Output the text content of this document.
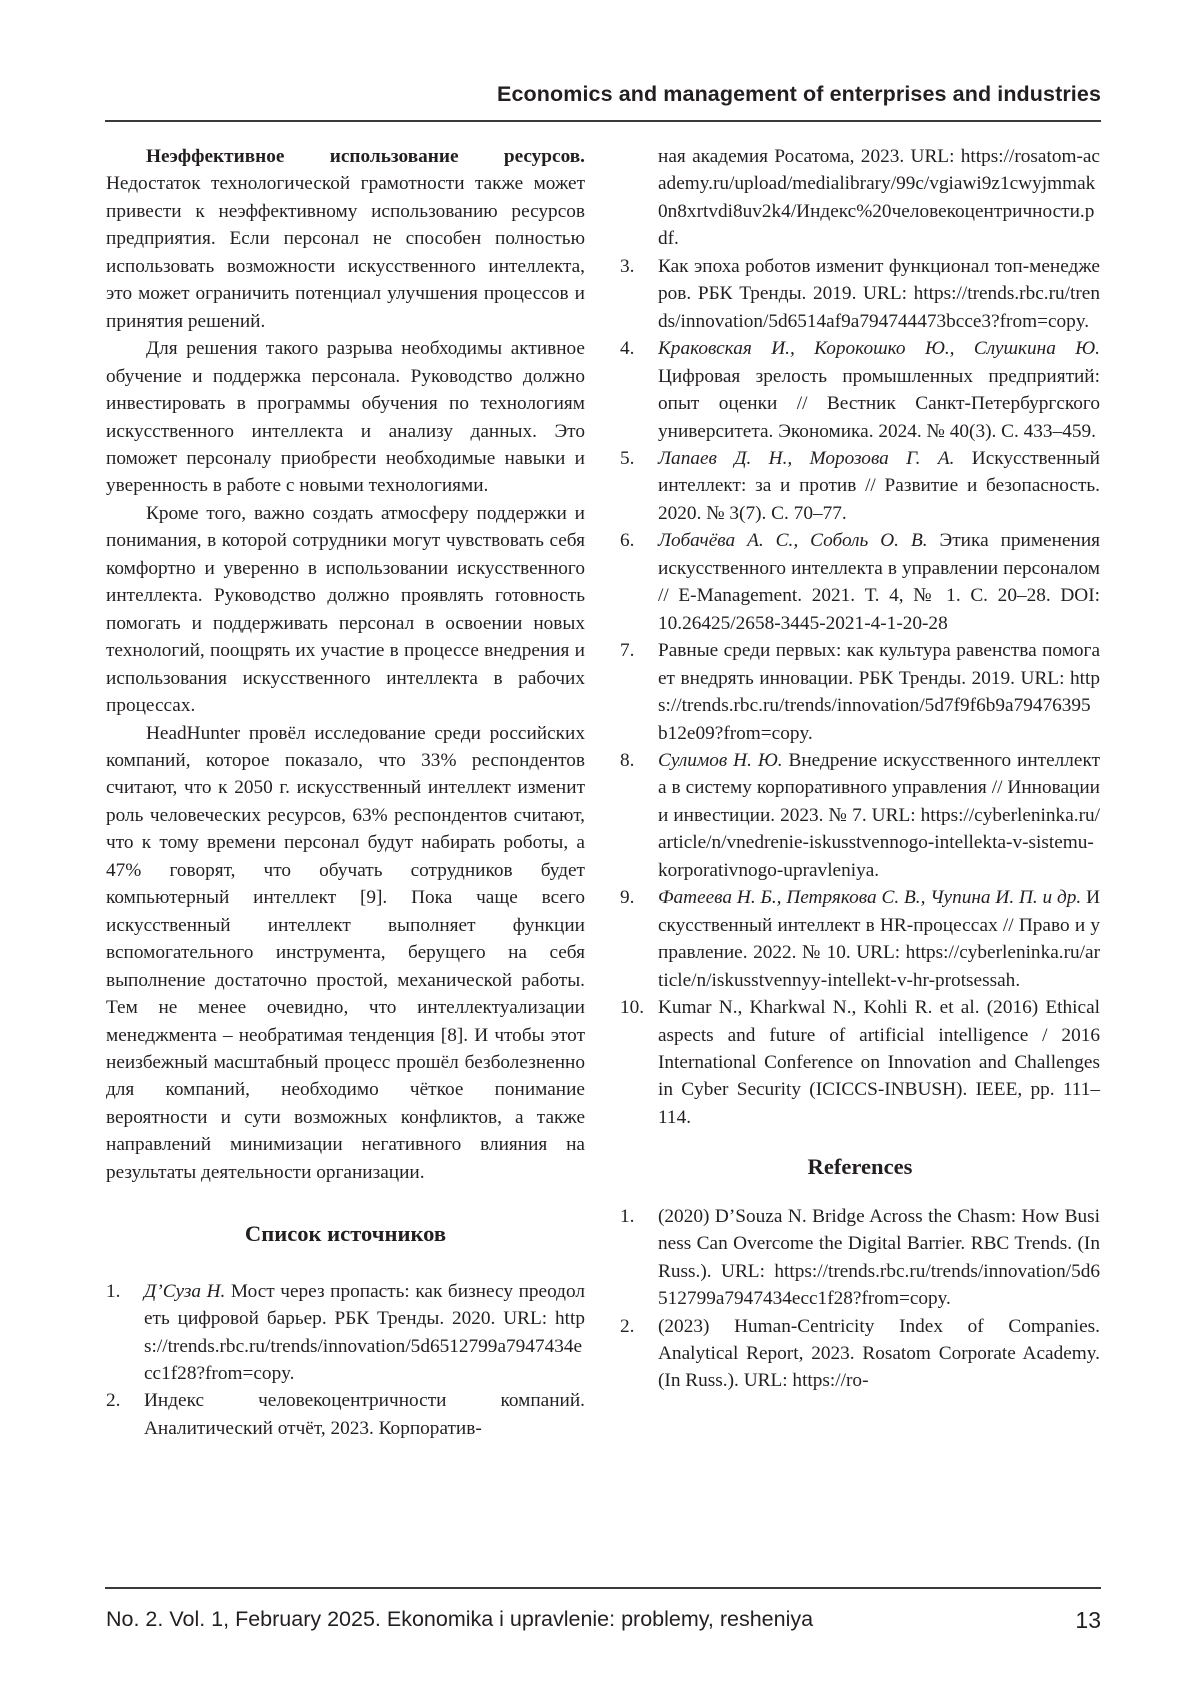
Economics and management of enterprises and industries

Неэффективное использование ресурсов. Недостаток технологической грамотности также может привести к неэффективному использованию ресурсов предприятия. Если персонал не способен полностью использовать возможности искусственного интеллекта, это может ограничить потенциал улучшения процессов и принятия решений.

Для решения такого разрыва необходимы активное обучение и поддержка персонала. Руководство должно инвестировать в программы обучения по технологиям искусственного интеллекта и анализу данных. Это поможет персоналу приобрести необходимые навыки и уверенность в работе с новыми технологиями.

Кроме того, важно создать атмосферу поддержки и понимания, в которой сотрудники могут чувствовать себя комфортно и уверенно в использовании искусственного интеллекта. Руководство должно проявлять готовность помогать и поддерживать персонал в освоении новых технологий, поощрять их участие в процессе внедрения и использования искусственного интеллекта в рабочих процессах.

HeadHunter провёл исследование среди российских компаний, которое показало, что 33% респондентов считают, что к 2050 г. искусственный интеллект изменит роль человеческих ресурсов, 63% респондентов считают, что к тому времени персонал будут набирать роботы, а 47% говорят, что обучать сотрудников будет компьютерный интеллект [9]. Пока чаще всего искусственный интеллект выполняет функции вспомогательного инструмента, берущего на себя выполнение достаточно простой, механической работы. Тем не менее очевидно, что интеллектуализации менеджмента – необратимая тенденция [8]. И чтобы этот неизбежный масштабный процесс прошёл безболезненно для компаний, необходимо чёткое понимание вероятности и сути возможных конфликтов, а также направлений минимизации негативного влияния на результаты деятельности организации.

Список источников
1. Д’Суза Н. Мост через пропасть: как бизнесу преодолеть цифровой барьер. РБК Тренды. 2020. URL: https://trends.rbc.ru/trends/innovation/5d6512799a7947434ecc1f28?from=copy.
2. Индекс человекоцентричности компаний. Аналитический отчёт, 2023. Корпоратив-
ная академия Росатома, 2023. URL: https://rosatom-academy.ru/upload/medialibrary/99c/vgiawi9z1cwyjmmak0n8xrtvdi8uv2k4/Индекс%20человекоцентричности.pdf.
3. Как эпоха роботов изменит функционал топ-менеджеров. РБК Тренды. 2019. URL: https://trends.rbc.ru/trends/innovation/5d6514af9a794744473bcce3?from=copy.
4. Краковская И., Корокошко Ю., Слушкина Ю. Цифровая зрелость промышленных предприятий: опыт оценки // Вестник Санкт-Петербургского университета. Экономика. 2024. № 40(3). С. 433–459.
5. Лапаев Д. Н., Морозова Г. А. Искусственный интеллект: за и против // Развитие и безопасность. 2020. № 3(7). С. 70–77.
6. Лобачёва А. С., Соболь О. В. Этика применения искусственного интеллекта в управлении персоналом // E-Management. 2021. Т. 4, № 1. С. 20–28. DOI: 10.26425/2658-3445-2021-4-1-20-28
7. Равные среди первых: как культура равенства помогает внедрять инновации. РБК Тренды. 2019. URL: https://trends.rbc.ru/trends/innovation/5d7f9f6b9a79476395b12e09?from=copy.
8. Сулимов Н. Ю. Внедрение искусственного интеллекта в систему корпоративного управления // Инновации и инвестиции. 2023. № 7. URL: https://cyberleninka.ru/article/n/vnedrenie-iskusstvennogo-intellekta-v-sistemu-korporativnogo-upravleniya.
9. Фатеева Н. Б., Петрякова С. В., Чупина И. П. и др. Искусственный интеллект в HR-процессах // Право и управление. 2022. № 10. URL: https://cyberleninka.ru/article/n/iskusstvennyy-intellekt-v-hr-protsessah.
10. Kumar N., Kharkwal N., Kohli R. et al. (2016) Ethical aspects and future of artificial intelligence / 2016 International Conference on Innovation and Challenges in Cyber Security (ICICCS-INBUSH). IEEE, pp. 111–114.
References
1. (2020) D’Souza N. Bridge Across the Chasm: How Business Can Overcome the Digital Barrier. RBC Trends. (In Russ.). URL: https://trends.rbc.ru/trends/innovation/5d6512799a7947434ecc1f28?from=copy.
2. (2023) Human-Centricity Index of Companies. Analytical Report, 2023. Rosatom Corporate Academy. (In Russ.). URL: https://ro-
No. 2. Vol. 1, February 2025. Ekonomika i upravlenie: problemy, resheniya	13
